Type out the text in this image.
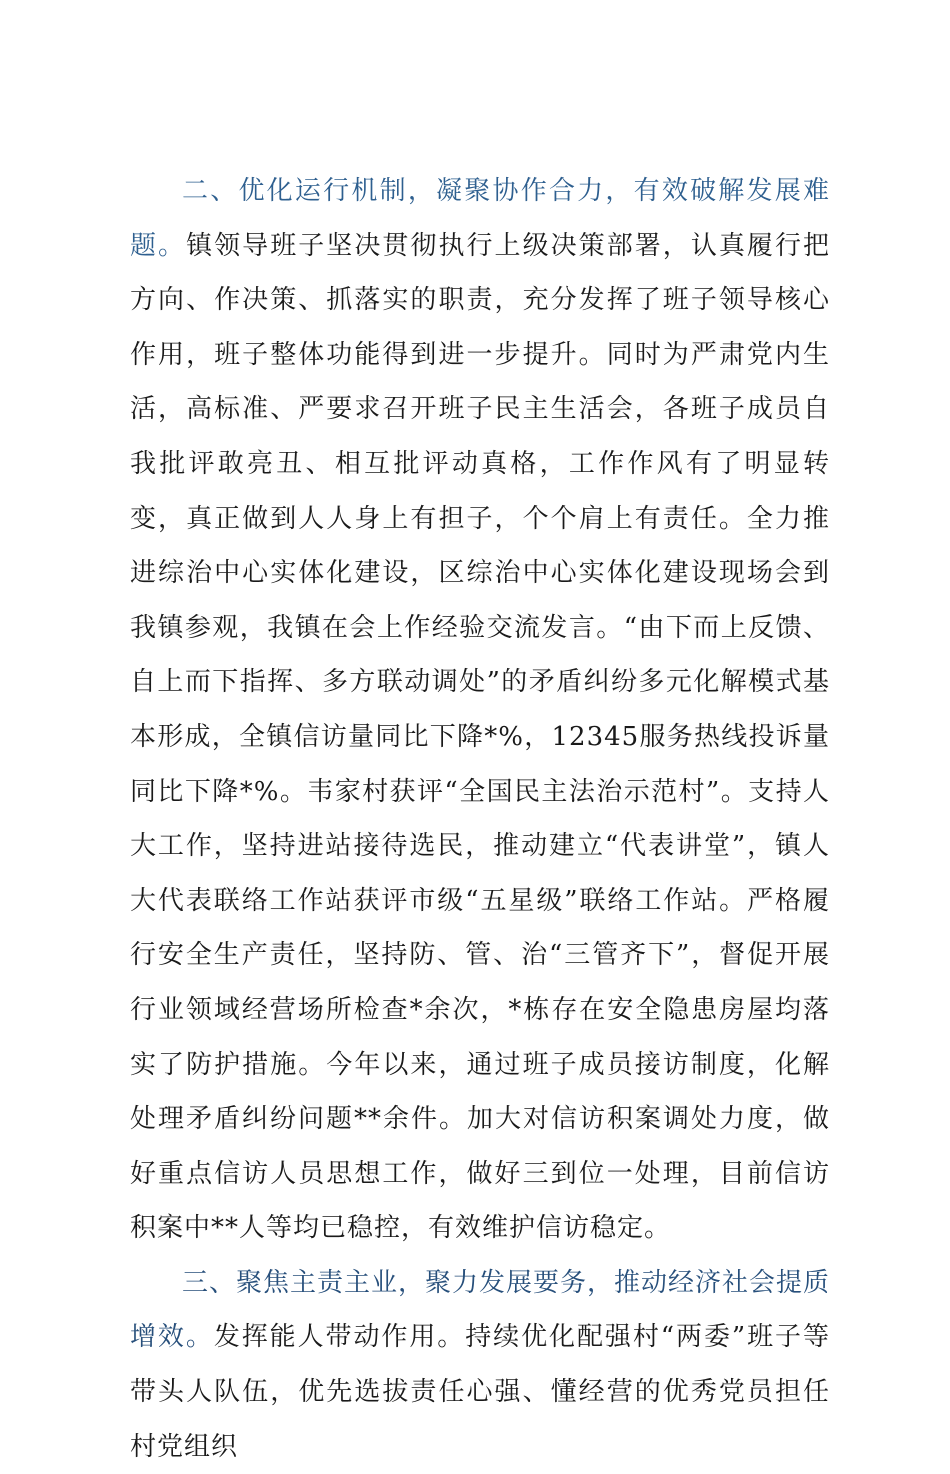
二、优化运行机制，凝聚协作合力，有效破解发展难题。镇领导班子坚决贯彻执行上级决策部署，认真履行把方向、作决策、抓落实的职责，充分发挥了班子领导核心作用，班子整体功能得到进一步提升。同时为严肃党内生活，高标准、严要求召开班子民主生活会，各班子成员自我批评敢亮丑、相互批评动真格，工作作风有了明显转变，真正做到人人身上有担子，个个肩上有责任。全力推进综治中心实体化建设，区综治中心实体化建设现场会到我镇参观，我镇在会上作经验交流发言。“由下而上反馈、自上而下指挥、多方联动调处”的矛盾纠纷多元化解模式基本形成，全镇信访量同比下降*%，12345服务热线投诉量同比下降*%。韦家村获评“全国民主法治示范村”。支持人大工作，坚持进站接待选民，推动建立“代表讲堂”，镇人大代表联络工作站获评市级“五星级”联络工作站。严格履行安全生产责任，坚持防、管、治“三管齐下”，督促开展行业领域经营场所检查*余次，*栋存在安全隐患房屋均落实了防护措施。今年以来，通过班子成员接访制度，化解处理矛盾纠纷问题**余件。加大对信访积案调处力度，做好重点信访人员思想工作，做好三到位一处理，目前信访积案中**人等均已稳控，有效维护信访稳定。

三、聚焦主责主业，聚力发展要务，推动经济社会提质增效。发挥能人带动作用。持续优化配强村“两委”班子等带头人队伍，优先选拔责任心强、懂经营的优秀党员担任村党组织
